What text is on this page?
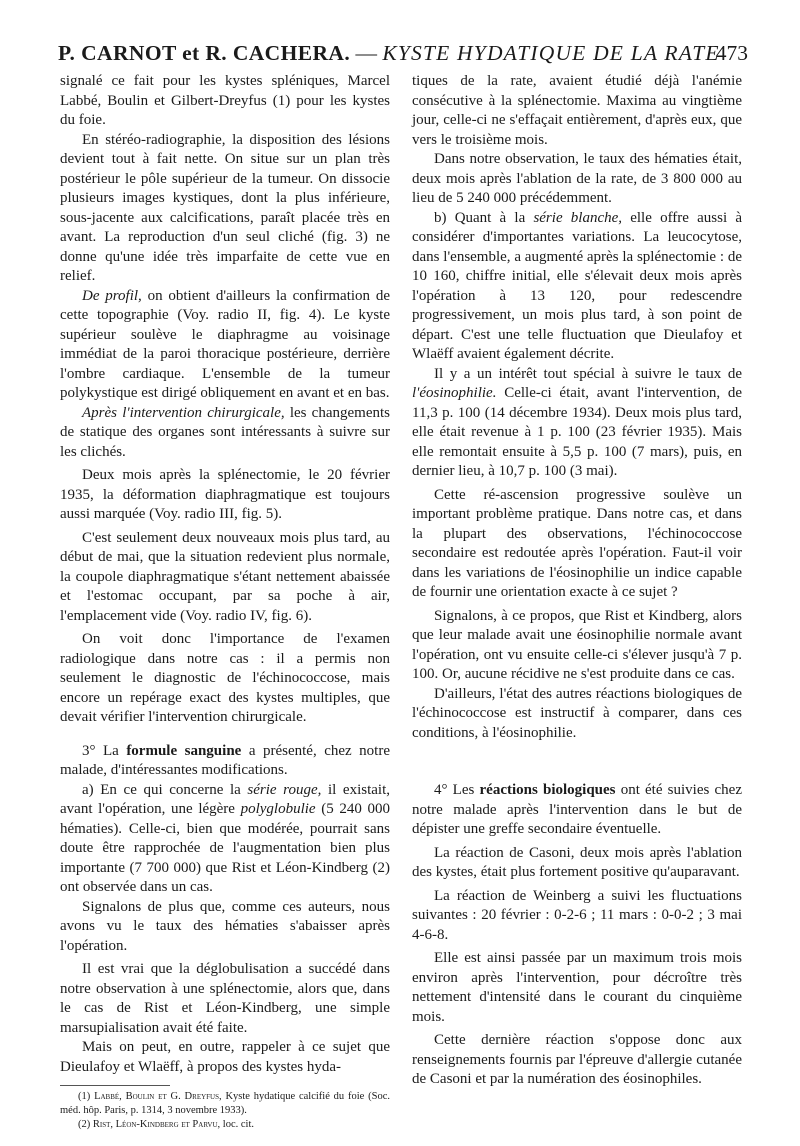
P. CARNOT et R. CACHERA. — KYSTE HYDATIQUE DE LA RATE
473

signalé ce fait pour les kystes spléniques, Marcel Labbé, Boulin et Gilbert-Dreyfus (1) pour les kystes du foie.

En stéréo-radiographie, la disposition des lésions devient tout à fait nette. On situe sur un plan très postérieur le pôle supérieur de la tumeur. On dissocie plusieurs images kystiques, dont la plus inférieure, sous-jacente aux calcifications, paraît placée très en avant. La reproduction d'un seul cliché (fig. 3) ne donne qu'une idée très imparfaite de cette vue en relief.

De profil, on obtient d'ailleurs la confirmation de cette topographie (Voy. radio II, fig. 4). Le kyste supérieur soulève le diaphragme au voisinage immédiat de la paroi thoracique postérieure, derrière l'ombre cardiaque. L'ensemble de la tumeur polykystique est dirigé obliquement en avant et en bas.

Après l'intervention chirurgicale, les changements de statique des organes sont intéressants à suivre sur les clichés.

Deux mois après la splénectomie, le 20 février 1935, la déformation diaphragmatique est toujours aussi marquée (Voy. radio III, fig. 5).

C'est seulement deux nouveaux mois plus tard, au début de mai, que la situation redevient plus normale, la coupole diaphragmatique s'étant nettement abaissée et l'estomac occupant, par sa poche à air, l'emplacement vide (Voy. radio IV, fig. 6).

On voit donc l'importance de l'examen radiologique dans notre cas : il a permis non seulement le diagnostic de l'échinococcose, mais encore un repérage exact des kystes multiples, que devait vérifier l'intervention chirurgicale.

3° La formule sanguine a présenté, chez notre malade, d'intéressantes modifications.

a) En ce qui concerne la série rouge, il existait, avant l'opération, une légère polyglobulie (5 240 000 hématies). Celle-ci, bien que modérée, pourrait sans doute être rapprochée de l'augmentation bien plus importante (7 700 000) que Rist et Léon-Kindberg (2) ont observée dans un cas.

Signalons de plus que, comme ces auteurs, nous avons vu le taux des hématies s'abaisser après l'opération.

Il est vrai que la déglobulisation a succédé dans notre observation à une splénectomie, alors que, dans le cas de Rist et Léon-Kindberg, une simple marsupialisation avait été faite.

Mais on peut, en outre, rappeler à ce sujet que Dieulafoy et Wlaëff, à propos des kystes hyda-

(1) Labbé, Boulin et G. Dreyfus, Kyste hydatique calcifié du foie (Soc. méd. hôp. Paris, p. 1314, 3 novembre 1933).

(2) Rist, Léon-Kindberg et Parvu, loc. cit.

tiques de la rate, avaient étudié déjà l'anémie consécutive à la splénectomie. Maxima au vingtième jour, celle-ci ne s'effaçait entièrement, d'après eux, que vers le troisième mois.

Dans notre observation, le taux des hématies était, deux mois après l'ablation de la rate, de 3 800 000 au lieu de 5 240 000 précédemment.

b) Quant à la série blanche, elle offre aussi à considérer d'importantes variations. La leucocytose, dans l'ensemble, a augmenté après la splénectomie : de 10 160, chiffre initial, elle s'élevait deux mois après l'opération à 13 120, pour redescendre progressivement, un mois plus tard, à son point de départ. C'est une telle fluctuation que Dieulafoy et Wlaëff avaient également décrite.

Il y a un intérêt tout spécial à suivre le taux de l'éosinophilie. Celle-ci était, avant l'intervention, de 11,3 p. 100 (14 décembre 1934). Deux mois plus tard, elle était revenue à 1 p. 100 (23 février 1935). Mais elle remontait ensuite à 5,5 p. 100 (7 mars), puis, en dernier lieu, à 10,7 p. 100 (3 mai).

Cette ré-ascension progressive soulève un important problème pratique. Dans notre cas, et dans la plupart des observations, l'échinococcose secondaire est redoutée après l'opération. Faut-il voir dans les variations de l'éosinophilie un indice capable de fournir une orientation exacte à ce sujet ?

Signalons, à ce propos, que Rist et Kindberg, alors que leur malade avait une éosinophilie normale avant l'opération, ont vu ensuite celle-ci s'élever jusqu'à 7 p. 100. Or, aucune récidive ne s'est produite dans ce cas.

D'ailleurs, l'état des autres réactions biologiques de l'échinococcose est instructif à comparer, dans ces conditions, à l'éosinophilie.

4° Les réactions biologiques ont été suivies chez notre malade après l'intervention dans le but de dépister une greffe secondaire éventuelle.

La réaction de Casoni, deux mois après l'ablation des kystes, était plus fortement positive qu'auparavant.

La réaction de Weinberg a suivi les fluctuations suivantes : 20 février : 0-2-6 ; 11 mars : 0-0-2 ; 3 mai 4-6-8.

Elle est ainsi passée par un maximum trois mois environ après l'intervention, pour décroître très nettement d'intensité dans le courant du cinquième mois.

Cette dernière réaction s'oppose donc aux renseignements fournis par l'épreuve d'allergie cutanée de Casoni et par la numération des éosinophiles.
